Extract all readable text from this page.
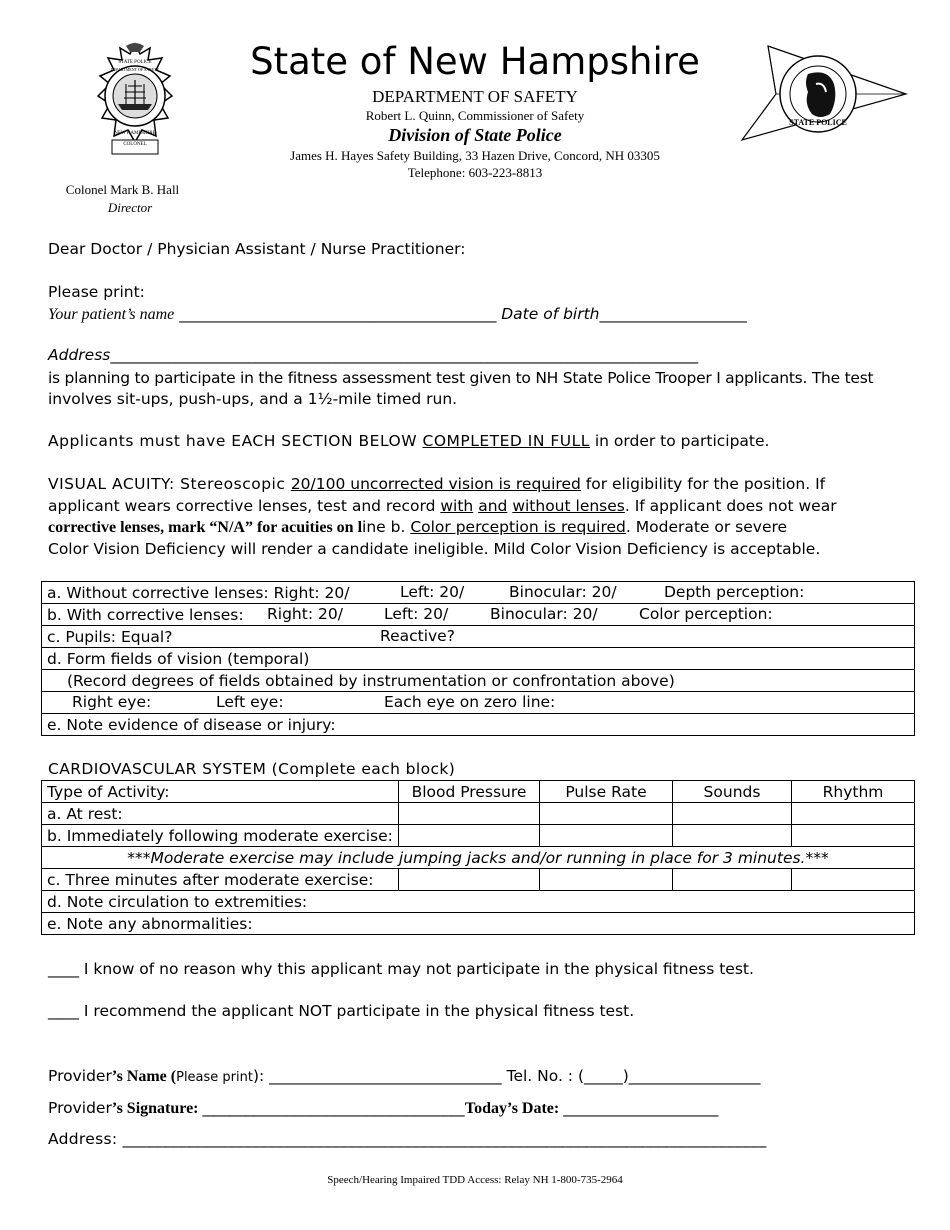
STATE POLICE
DEPARTMENT OF SAFETY
NEW HAMPSHIRE
COLONEL
STATE POLICE
State of New Hampshire
DEPARTMENT OF SAFETY
Robert L. Quinn, Commissioner of Safety
Division of State Police
James H. Hayes Safety Building, 33 Hazen Drive, Concord, NH 03305
Telephone: 603-223-8813
Colonel Mark B. Hall
Director
Dear Doctor / Physician Assistant / Nurse Practitioner:
Please print:
Your patient’s name __________________________________________ Date of birth___________________
Address_________________________________________________________________________________
is planning to participate in the fitness assessment test given to NH State Police Trooper I applicants. The test
involves sit-ups, push-ups, and a 1½-mile timed run.
Applicants must have EACH SECTION BELOW COMPLETED IN FULL in order to participate.
VISUAL ACUITY: Stereoscopic 20/100 uncorrected vision is required for eligibility for the position. If
applicant wears corrective lenses, test and record with and without lenses. If applicant does not wear
corrective lenses, mark “N/A” for acuities on line b. Color perception is required. Moderate or severe
Color Vision Deficiency will render a candidate ineligible. Mild Color Vision Deficiency is acceptable.
a. Without corrective lenses: Right: 20/	Left: 20/	Binocular: 20/	Depth perception:

b. With corrective lenses: Right: 20/	Left: 20/	Binocular: 20/	Color perception:

c. Pupils: Equal?	Reactive?

d. Form fields of vision (temporal)
(Record degrees of fields obtained by instrumentation or confrontation above)

Right eye:	Left eye:	Each eye on zero line:

e. Note evidence of disease or injury:
CARDIOVASCULAR SYSTEM (Complete each block)
Type of Activity:	Blood Pressure	Pulse Rate	Sounds	Rhythm
a. At rest:				
b. Immediately following moderate exercise:				
***Moderate exercise may include jumping jacks and/or running in place for 3 minutes.***				
c. Three minutes after moderate exercise:				
d. Note circulation to extremities:				
e. Note any abnormalities:				
____ I know of no reason why this applicant may not participate in the physical fitness test.
____ I recommend the applicant NOT participate in the physical fitness test.
Provider’s Name (Please print): ______________________________ Tel. No. : (_____)_________________
Provider’s Signature: _________________________________Today’s Date: ____________________
Address: ________________________________________________________________________________
Speech/Hearing Impaired TDD Access: Relay NH 1-800-735-2964
